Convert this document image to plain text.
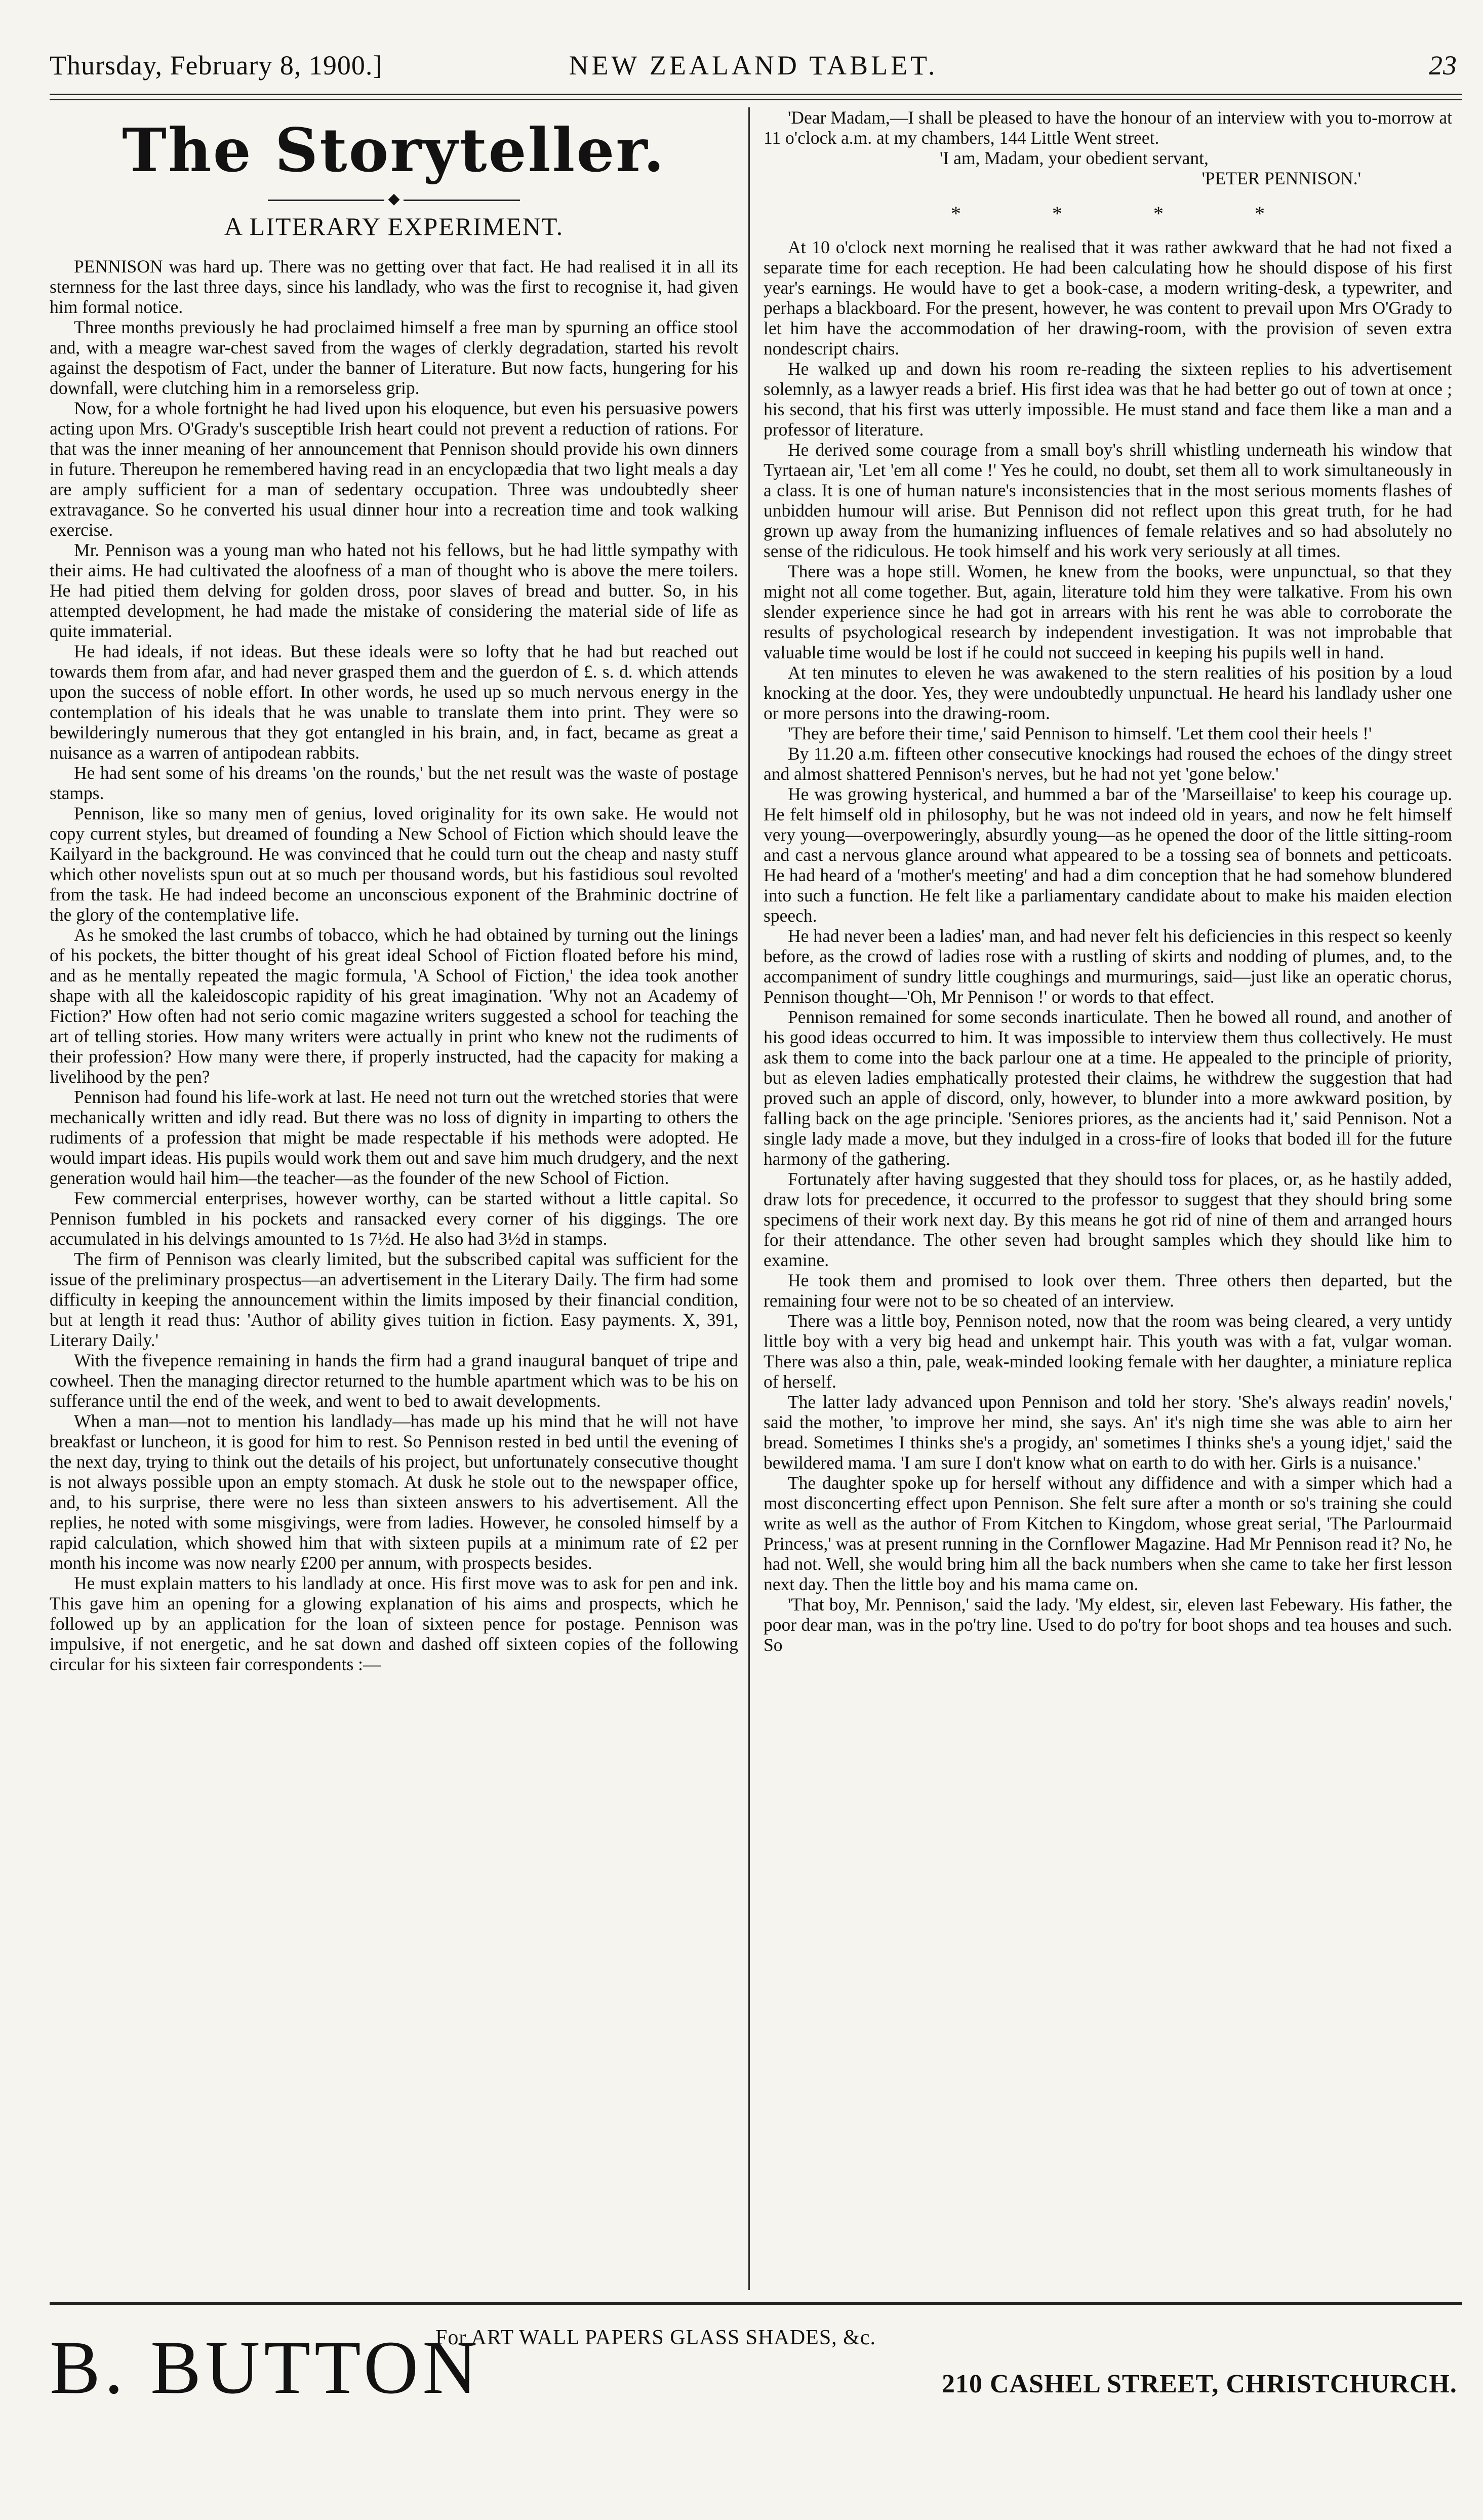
Thursday, February 8, 1900.]	NEW ZEALAND TABLET.	23
The Storyteller.
◆
A LITERARY EXPERIMENT.

PENNISON was hard up. There was no getting over that fact. He had realised it in all its sternness for the last three days, since his landlady, who was the first to recognise it, had given him formal notice.

Three months previously he had proclaimed himself a free man by spurning an office stool and, with a meagre war-chest saved from the wages of clerkly degradation, started his revolt against the despotism of Fact, under the banner of Literature. But now facts, hungering for his downfall, were clutching him in a remorseless grip.

Now, for a whole fortnight he had lived upon his eloquence, but even his persuasive powers acting upon Mrs. O'Grady's susceptible Irish heart could not prevent a reduction of rations. For that was the inner meaning of her announcement that Pennison should provide his own dinners in future. Thereupon he remembered having read in an encyclopædia that two light meals a day are amply sufficient for a man of sedentary occupation. Three was undoubtedly sheer extravagance. So he converted his usual dinner hour into a recreation time and took walking exercise.

Mr. Pennison was a young man who hated not his fellows, but he had little sympathy with their aims. He had cultivated the aloofness of a man of thought who is above the mere toilers. He had pitied them delving for golden dross, poor slaves of bread and butter. So, in his attempted development, he had made the mistake of considering the material side of life as quite immaterial.

He had ideals, if not ideas. But these ideals were so lofty that he had but reached out towards them from afar, and had never grasped them and the guerdon of £. s. d. which attends upon the success of noble effort. In other words, he used up so much nervous energy in the contemplation of his ideals that he was unable to translate them into print. They were so bewilderingly numerous that they got entangled in his brain, and, in fact, became as great a nuisance as a warren of antipodean rabbits.

He had sent some of his dreams 'on the rounds,' but the net result was the waste of postage stamps.

Pennison, like so many men of genius, loved originality for its own sake. He would not copy current styles, but dreamed of founding a New School of Fiction which should leave the Kailyard in the background. He was convinced that he could turn out the cheap and nasty stuff which other novelists spun out at so much per thousand words, but his fastidious soul revolted from the task. He had indeed become an unconscious exponent of the Brahminic doctrine of the glory of the contemplative life.

As he smoked the last crumbs of tobacco, which he had obtained by turning out the linings of his pockets, the bitter thought of his great ideal School of Fiction floated before his mind, and as he mentally repeated the magic formula, 'A School of Fiction,' the idea took another shape with all the kaleidoscopic rapidity of his great imagination. 'Why not an Academy of Fiction?' How often had not serio comic magazine writers suggested a school for teaching the art of telling stories. How many writers were actually in print who knew not the rudiments of their profession? How many were there, if properly instructed, had the capacity for making a livelihood by the pen?

Pennison had found his life-work at last. He need not turn out the wretched stories that were mechanically written and idly read. But there was no loss of dignity in imparting to others the rudiments of a profession that might be made respectable if his methods were adopted. He would impart ideas. His pupils would work them out and save him much drudgery, and the next generation would hail him—the teacher—as the founder of the new School of Fiction.

Few commercial enterprises, however worthy, can be started without a little capital. So Pennison fumbled in his pockets and ransacked every corner of his diggings. The ore accumulated in his delvings amounted to 1s 7½d. He also had 3½d in stamps.

The firm of Pennison was clearly limited, but the subscribed capital was sufficient for the issue of the preliminary prospectus—an advertisement in the Literary Daily. The firm had some difficulty in keeping the announcement within the limits imposed by their financial condition, but at length it read thus: 'Author of ability gives tuition in fiction. Easy payments. X, 391, Literary Daily.'

With the fivepence remaining in hands the firm had a grand inaugural banquet of tripe and cowheel. Then the managing director returned to the humble apartment which was to be his on sufferance until the end of the week, and went to bed to await developments.

When a man—not to mention his landlady—has made up his mind that he will not have breakfast or luncheon, it is good for him to rest. So Pennison rested in bed until the evening of the next day, trying to think out the details of his project, but unfortunately consecutive thought is not always possible upon an empty stomach. At dusk he stole out to the newspaper office, and, to his surprise, there were no less than sixteen answers to his advertisement. All the replies, he noted with some misgivings, were from ladies. However, he consoled himself by a rapid calculation, which showed him that with sixteen pupils at a minimum rate of £2 per month his income was now nearly £200 per annum, with prospects besides.

He must explain matters to his landlady at once. His first move was to ask for pen and ink. This gave him an opening for a glowing explanation of his aims and prospects, which he followed up by an application for the loan of sixteen pence for postage. Pennison was impulsive, if not energetic, and he sat down and dashed off sixteen copies of the following circular for his sixteen fair correspondents :—

'Dear Madam,—I shall be pleased to have the honour of an interview with you to-morrow at 11 o'clock a.m. at my chambers, 144 Little Went street.

'I am, Madam, your obedient servant,

'PETER PENNISON.'

* * * *

At 10 o'clock next morning he realised that it was rather awkward that he had not fixed a separate time for each reception. He had been calculating how he should dispose of his first year's earnings. He would have to get a book-case, a modern writing-desk, a typewriter, and perhaps a blackboard. For the present, however, he was content to prevail upon Mrs O'Grady to let him have the accommodation of her drawing-room, with the provision of seven extra nondescript chairs.

He walked up and down his room re-reading the sixteen replies to his advertisement solemnly, as a lawyer reads a brief. His first idea was that he had better go out of town at once ; his second, that his first was utterly impossible. He must stand and face them like a man and a professor of literature.

He derived some courage from a small boy's shrill whistling underneath his window that Tyrtaean air, 'Let 'em all come !' Yes he could, no doubt, set them all to work simultaneously in a class. It is one of human nature's inconsistencies that in the most serious moments flashes of unbidden humour will arise. But Pennison did not reflect upon this great truth, for he had grown up away from the humanizing influences of female relatives and so had absolutely no sense of the ridiculous. He took himself and his work very seriously at all times.

There was a hope still. Women, he knew from the books, were unpunctual, so that they might not all come together. But, again, literature told him they were talkative. From his own slender experience since he had got in arrears with his rent he was able to corroborate the results of psychological research by independent investigation. It was not improbable that valuable time would be lost if he could not succeed in keeping his pupils well in hand.

At ten minutes to eleven he was awakened to the stern realities of his position by a loud knocking at the door. Yes, they were undoubtedly unpunctual. He heard his landlady usher one or more persons into the drawing-room.

'They are before their time,' said Pennison to himself. 'Let them cool their heels !'

By 11.20 a.m. fifteen other consecutive knockings had roused the echoes of the dingy street and almost shattered Pennison's nerves, but he had not yet 'gone below.'

He was growing hysterical, and hummed a bar of the 'Marseillaise' to keep his courage up. He felt himself old in philosophy, but he was not indeed old in years, and now he felt himself very young—overpoweringly, absurdly young—as he opened the door of the little sitting-room and cast a nervous glance around what appeared to be a tossing sea of bonnets and petticoats. He had heard of a 'mother's meeting' and had a dim conception that he had somehow blundered into such a function. He felt like a parliamentary candidate about to make his maiden election speech.

He had never been a ladies' man, and had never felt his deficiencies in this respect so keenly before, as the crowd of ladies rose with a rustling of skirts and nodding of plumes, and, to the accompaniment of sundry little coughings and murmurings, said—just like an operatic chorus, Pennison thought—'Oh, Mr Pennison !' or words to that effect.

Pennison remained for some seconds inarticulate. Then he bowed all round, and another of his good ideas occurred to him. It was impossible to interview them thus collectively. He must ask them to come into the back parlour one at a time. He appealed to the principle of priority, but as eleven ladies emphatically protested their claims, he withdrew the suggestion that had proved such an apple of discord, only, however, to blunder into a more awkward position, by falling back on the age principle. 'Seniores priores, as the ancients had it,' said Pennison. Not a single lady made a move, but they indulged in a cross-fire of looks that boded ill for the future harmony of the gathering.

Fortunately after having suggested that they should toss for places, or, as he hastily added, draw lots for precedence, it occurred to the professor to suggest that they should bring some specimens of their work next day. By this means he got rid of nine of them and arranged hours for their attendance. The other seven had brought samples which they should like him to examine.

He took them and promised to look over them. Three others then departed, but the remaining four were not to be so cheated of an interview.

There was a little boy, Pennison noted, now that the room was being cleared, a very untidy little boy with a very big head and unkempt hair. This youth was with a fat, vulgar woman. There was also a thin, pale, weak-minded looking female with her daughter, a miniature replica of herself.

The latter lady advanced upon Pennison and told her story. 'She's always readin' novels,' said the mother, 'to improve her mind, she says. An' it's nigh time she was able to airn her bread. Sometimes I thinks she's a progidy, an' sometimes I thinks she's a young idjet,' said the bewildered mama. 'I am sure I don't know what on earth to do with her. Girls is a nuisance.'

The daughter spoke up for herself without any diffidence and with a simper which had a most disconcerting effect upon Pennison. She felt sure after a month or so's training she could write as well as the author of From Kitchen to Kingdom, whose great serial, 'The Parlourmaid Princess,' was at present running in the Cornflower Magazine. Had Mr Pennison read it? No, he had not. Well, she would bring him all the back numbers when she came to take her first lesson next day. Then the little boy and his mama came on.

'That boy, Mr. Pennison,' said the lady. 'My eldest, sir, eleven last Febewary. His father, the poor dear man, was in the po'try line. Used to do po'try for boot shops and tea houses and such. So

B. BUTTON
For ART WALL PAPERS GLASS SHADES, &c.
210 CASHEL STREET, CHRISTCHURCH.
